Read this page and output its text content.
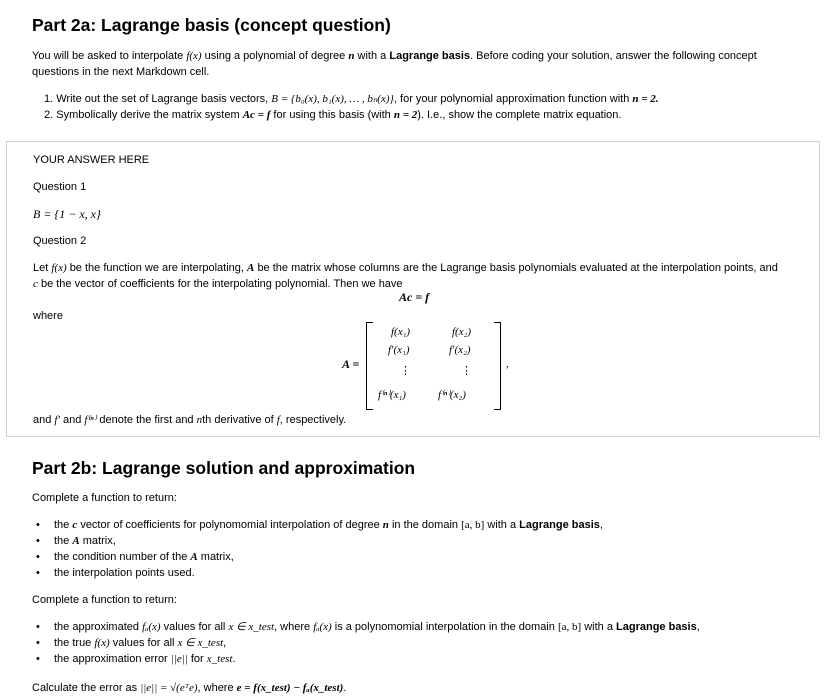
Part 2a: Lagrange basis (concept question)
You will be asked to interpolate f(x) using a polynomial of degree n with a Lagrange basis. Before coding your solution, answer the following concept
questions in the next Markdown cell.
1. Write out the set of Lagrange basis vectors, B = {b₀(x), b₁(x), … , bₙ(x)}, for your polynomial approximation function with n = 2.
2. Symbolically derive the matrix system Ac = f for using this basis (with n = 2). I.e., show the complete matrix equation.
YOUR ANSWER HERE
Question 1
B = {1 − x, x}
Question 2
Let f(x) be the function we are interpolating, A be the matrix whose columns are the Lagrange basis polynomials evaluated at the interpolation points, and
c be the vector of coefficients for the interpolating polynomial. Then we have
Ac = f
where
and f′ and f⁽ⁿ⁾ denote the first and nth derivative of f, respectively.
A =
f(x₁)	f(x₂)
f′(x₁)	f′(x₂)
⋮	⋮
f⁽ⁿ⁾(x₁)	f⁽ⁿ⁾(x₂)
,
Part 2b: Lagrange solution and approximation
Complete a function to return:
• the c vector of coefficients for polynomomial interpolation of degree n in the domain [a, b] with a Lagrange basis,
• the A matrix,
• the condition number of the A matrix,
• the interpolation points used.
Complete a function to return:
• the approximated fₐ(x) values for all x ∈ x_test, where fₐ(x) is a polynomomial interpolation in the domain [a, b] with a Lagrange basis,
• the true f(x) values for all x ∈ x_test,
• the approximation error ||e|| for x_test.
Calculate the error as ||e|| = √(eᵀe), where e = f(x_test) − fₐ(x_test).
